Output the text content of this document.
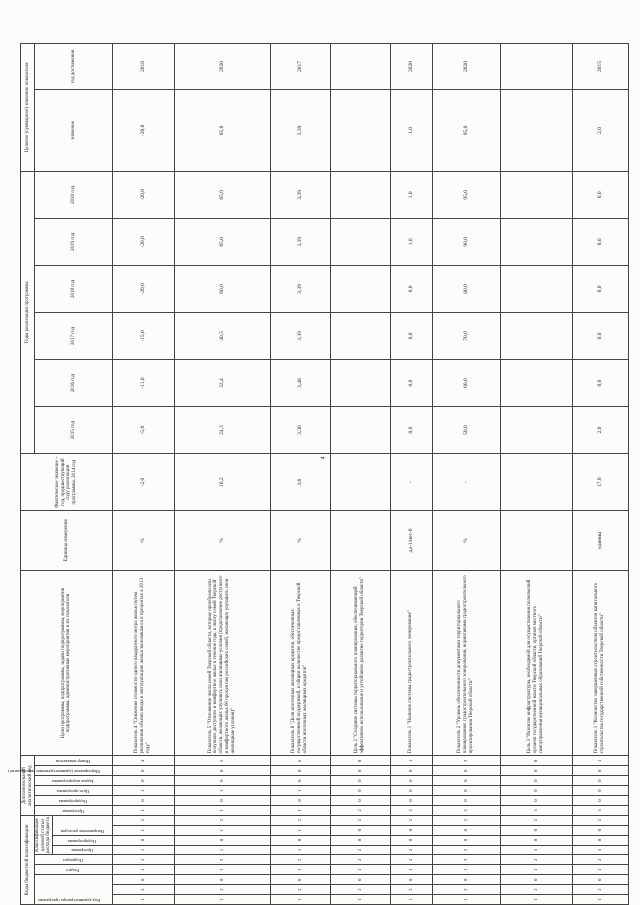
4
Коды бюджетной классификации									Дополнительный аналитический код						Цели программы, подпрограммы, задачи подпрограммы, мероприятия подпрограммы, административные мероприятия и их показатели	Единица измерения	Фактическое значение – год, предшествующий году реализации программы, 2014 год	Годы реализации программы						Целевое (суммарное) значение показателя	

Код администратора программы			Раздел	Подраздел	Классификация целевой статьи расхода бюджета				Программа	Подпрограмма	Цель программы	Задача подпрограммы	Мероприятие (административное мероприятие)	Номер показателя				2015 год	2016 год	2017 год	2018 год	2019 год	2020 год	значение	год достижения

					Программа	Подпрограмма	Направление расходов																		

1	2	0	1	2	1	0	1	2	1	0	1	0	0	4	Показатель 4 "Снижение стоимости одного квадратного метра жилья путем увеличения объема ввода в эксплуатацию жилья экономкласса в процентах к 2013 году"	%	-2,0	-5,0	-11,0	-15,0	-20,0	-20,0	-20,0	-20,0	2018
1	2	0	1	2	1	0	1	2	1	0	1	0	0	5	Показатель 5 "Отношение числа семей Тверской области, которые приобрели или получили доступное и комфортное жилье в течение года, к числу семей Тверской области, желающих улучшить свои жилищные условия (представление доступного и комфортного жилья 60 процентам российских семей, желающих улучшить свои жилищные условия)"	%	16,2	24,3	32,4	40,5	60,0	65,0	65,0	65,0	2020
1	2	0	1	2	1	0	1	2	1	0	1	0	0	6	Показатель 6 "Доля ипотечных жилищных кредитов, обеспеченных государственной поддержкой, в общем количестве предоставленных в Тверской области ипотечных жилищных кредитов"	%	3,6	3,30	3,48	3,39	3,39	3,39	3,39	3,39	2017
1	2	0	1	2	2	0	0	2	2	0	0	0	0	0	Цель 2 "Создание системы территориального планирования, обеспечивающей эффективное использование и устойчивое развитие территории Тверской области"										
1	2	0	1	2	2	0	0	2	2	0	0	0	0	1	Показатель 1 "Наличие системы градостроительного зонирования"	да-1/нет-0	-	0,0	0,0	0,0	0,0	1,0	1,0	1,0	2020
1	2	0	1	2	2	0	0	2	2	0	0	0	0	2	Показатель 2 "Уровень обеспеченности документами территориального планирования, градостроительного зонирования, нормативами градостроительного проектирования Тверской области"	%	-	50,0	60,0	70,0	80,0	90,0	95,0	95,0	2020
1	2	0	1	2	3	0	0	2	3	0	0	0	0	0	Цель 3 "Развитие инфраструктуры, необходимой для осуществления полномочий органов государственной власти Тверской области, органов местного самоуправления муниципальных образований Тверской области"										
1	2	0	1	2	3	0	0	2	3	0	0	0	0	1	Показатель 1 "Количество завершенных строительством объектов капитального строительства государственной собственности Тверской области"	единиц	17,0	2,0	0,0	0,0	0,0	0,0	0,0	2,0	2015
